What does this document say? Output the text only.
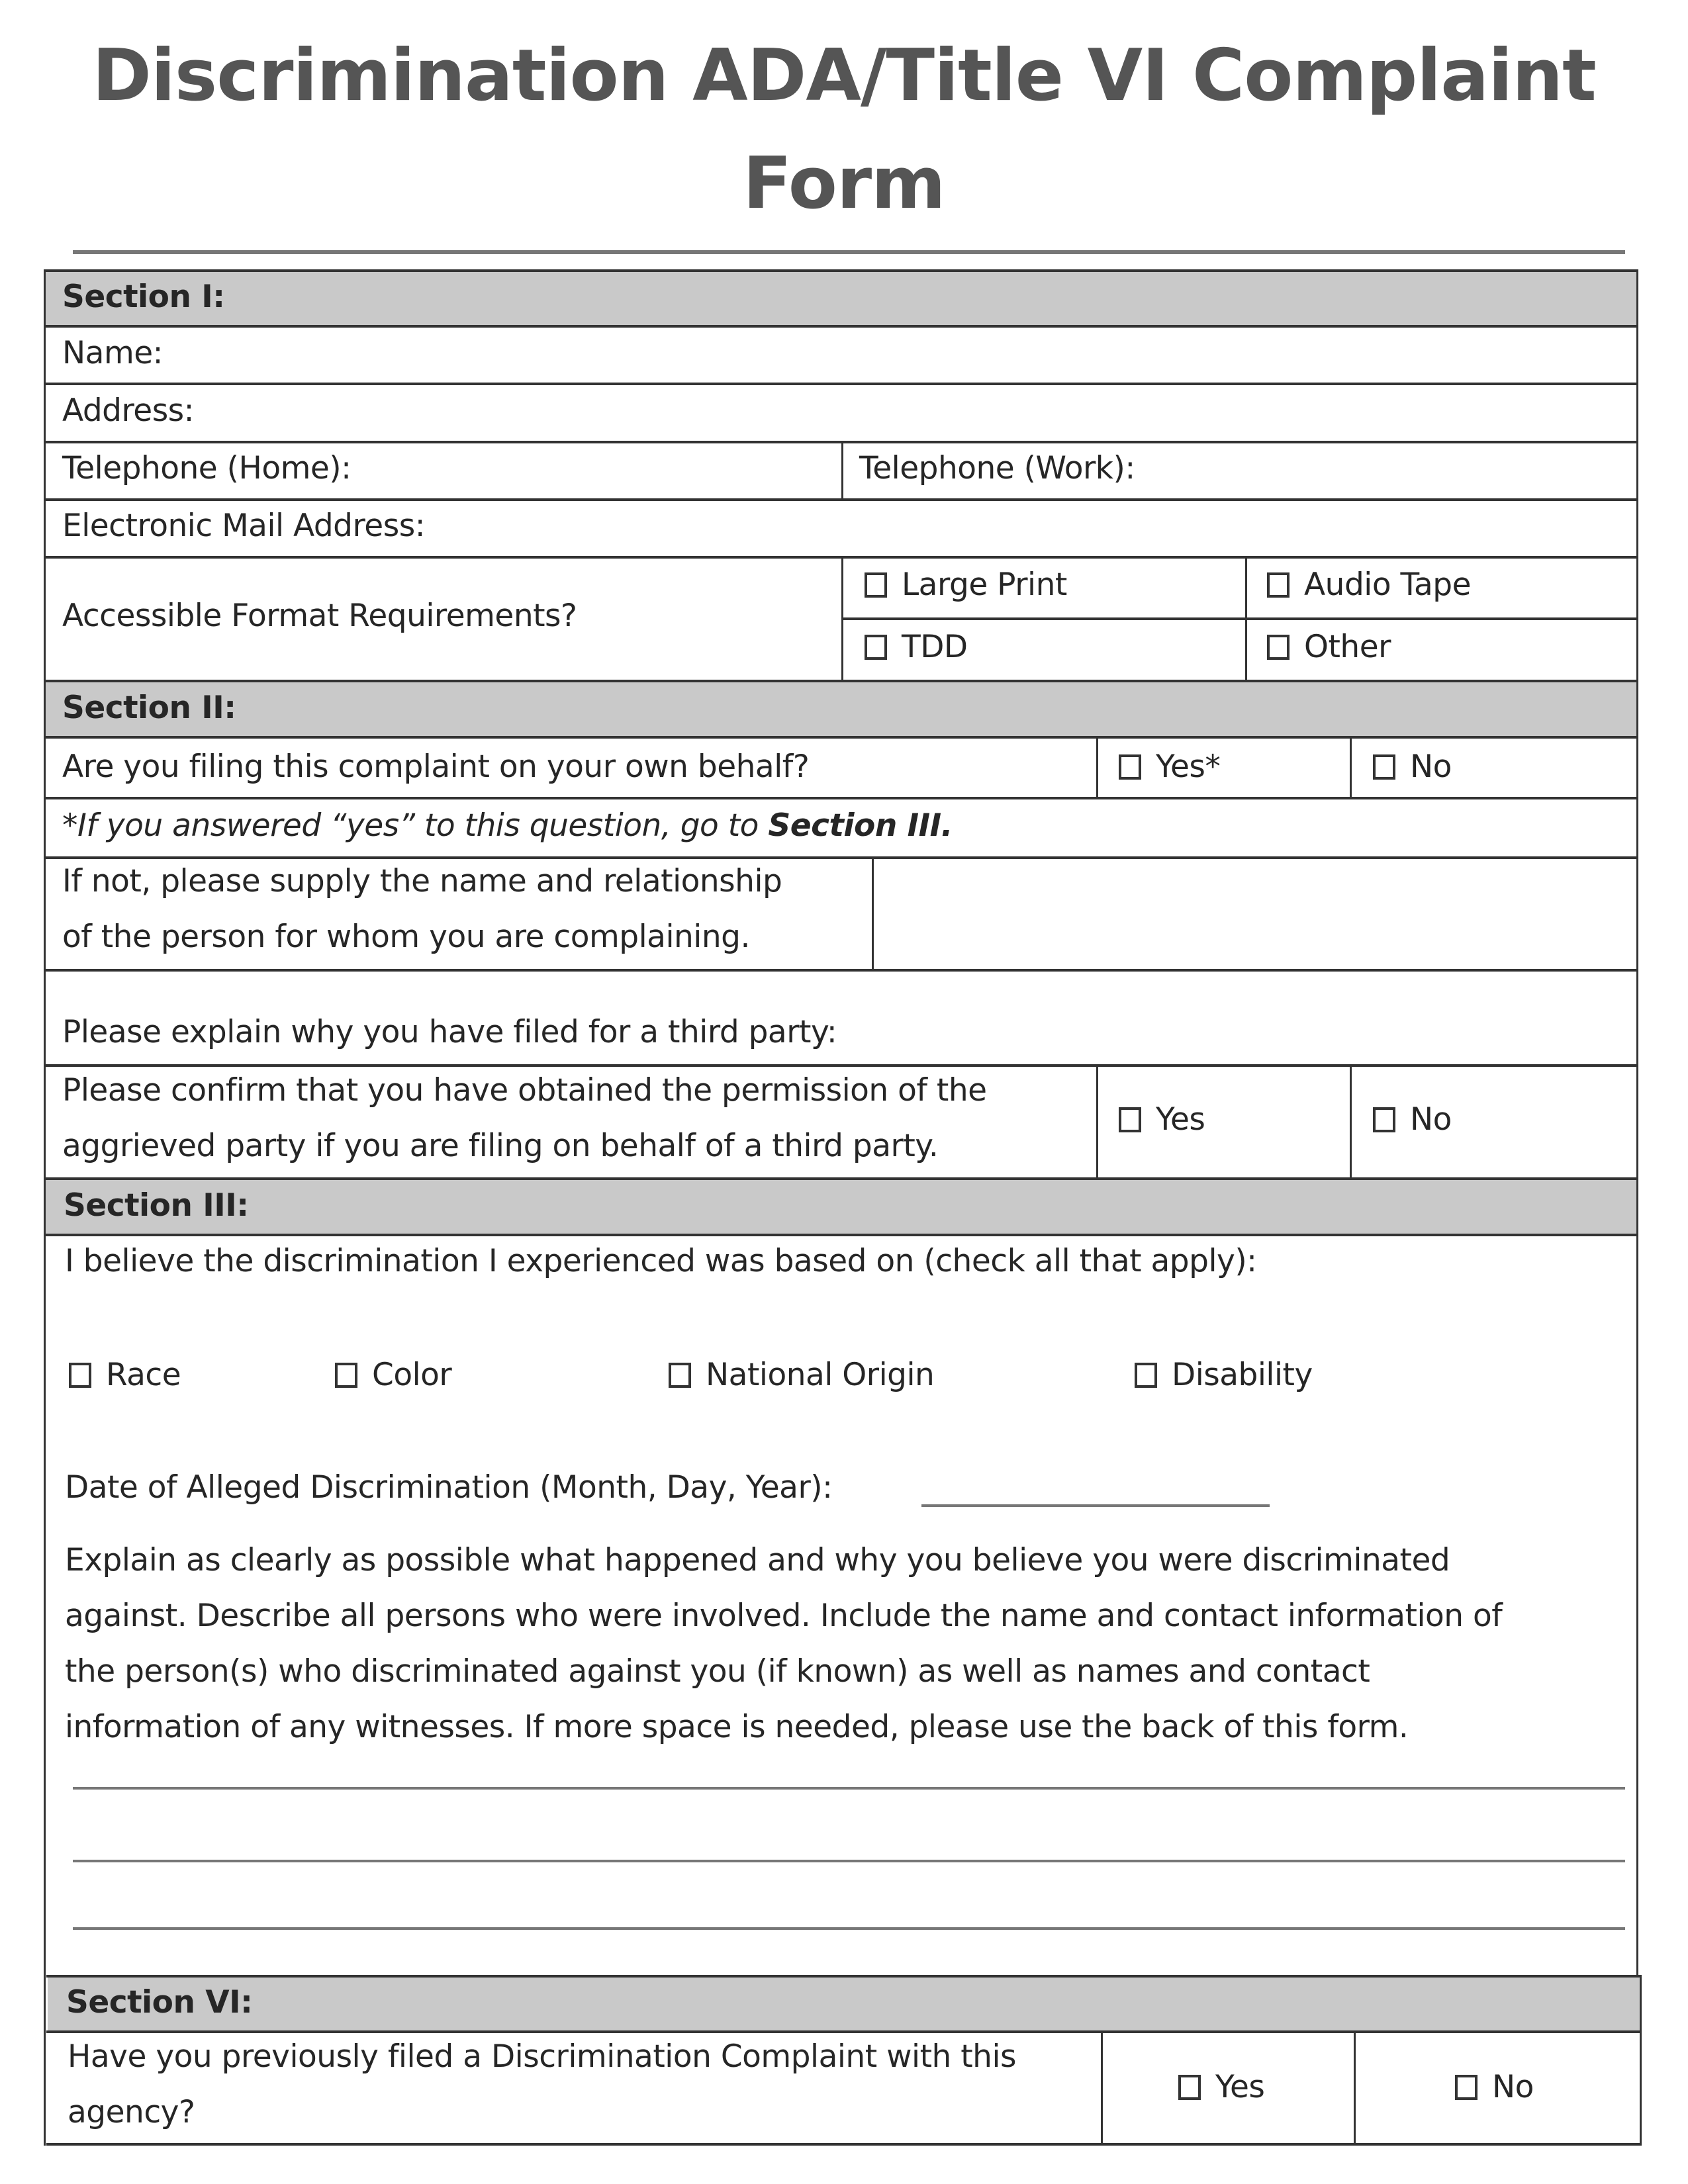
Discrimination ADA/Title VI Complaint
Form
Section I:
Name:
Address:
Telephone (Home):	Telephone (Work):
Electronic Mail Address:
Accessible Format Requirements?
Large Print	Audio Tape
TDD	Other
Section II:
Are you filing this complaint on your own behalf?	Yes*	No
*If you answered “yes” to this question, go to Section III.
If not, please supply the name and relationship
of the person for whom you are complaining.
Please explain why you have filed for a third party:
Please confirm that you have obtained the permission of the
aggrieved party if you are filing on behalf of a third party.
Yes	No
Section III:
I believe the discrimination I experienced was based on (check all that apply):
Race	Color	National Origin	Disability
Date of Alleged Discrimination (Month, Day, Year):
Explain as clearly as possible what happened and why you believe you were discriminated
against. Describe all persons who were involved. Include the name and contact information of
the person(s) who discriminated against you (if known) as well as names and contact
information of any witnesses. If more space is needed, please use the back of this form.
Section VI:
Have you previously filed a Discrimination Complaint with this
agency?
Yes	No
